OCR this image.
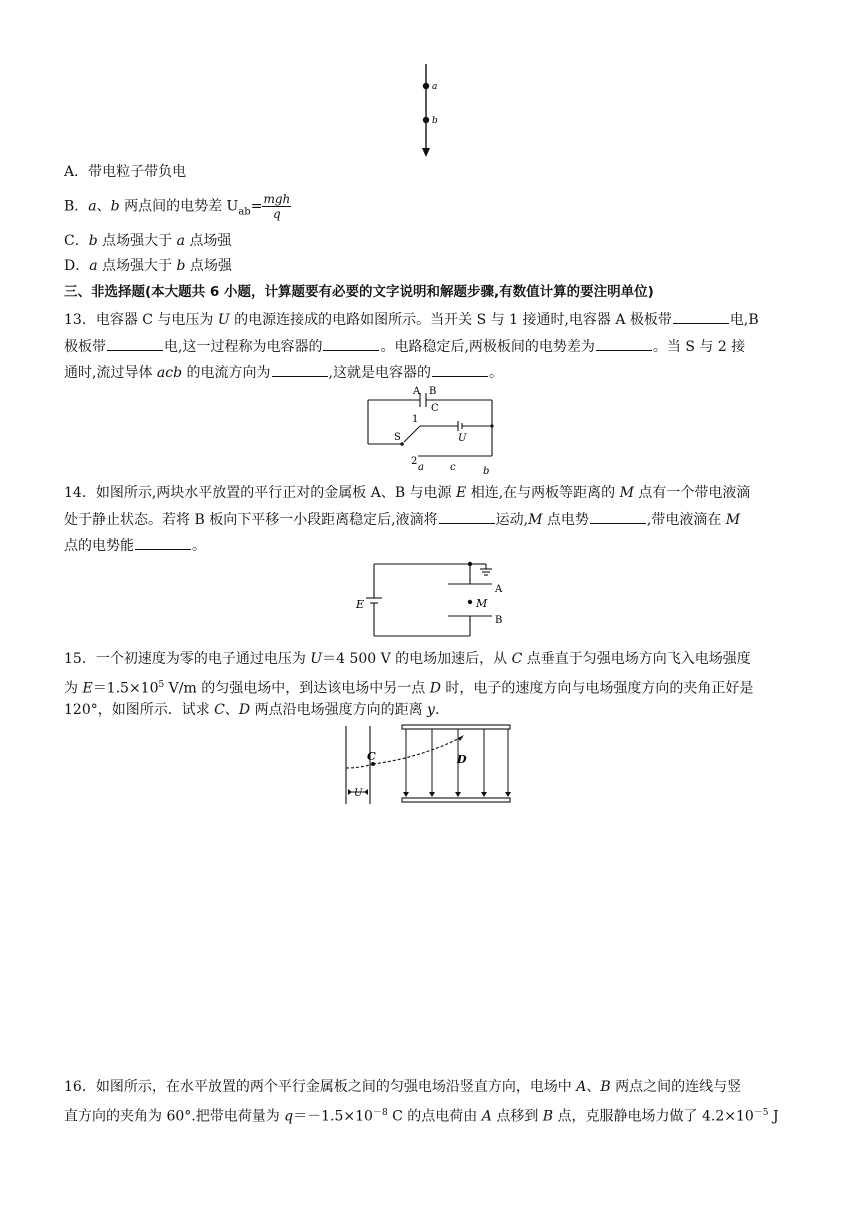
a
b
A．带电粒子带负电
B．a、b 两点间的电势差 $U_{ab}= \frac{\text{mgh}}{q}$
C．b 点场强大于 a 点场强
D．a 点场强大于 b 点场强
三、非选择题(本大题共 6 小题，计算题要有必要的文字说明和解题步骤,有数值计算的要注明单位)
13．电容器 C 与电压为 U 的电源连接成的电路如图所示。当开关 S 与 1 接通时,电容器 A 极板带	电,B
极板带	电,这一过程称为电容器的	。电路稳定后,两极板间的电势差为	。当 S 与 2 接
通时,流过导体 acb 的电流方向为	,这就是电容器的	。
A B
C
1
S	U
2
a	c	b
14．如图所示,两块水平放置的平行正对的金属板 A、B 与电源 E 相连,在与两板等距离的 M 点有一个带电液滴
处于静止状态。若将 B 板向下平移一小段距离稳定后,液滴将	运动,M 点电势	,带电液滴在 M
点的电势能	。
E
A
M
B
15．一个初速度为零的电子通过电压为 U＝4 500 V 的电场加速后，从 C 点垂直于匀强电场方向飞入电场强度
为 $E=1.5\times 10^5$ V/m 的匀强电场中，到达该电场中另一点 D 时，电子的速度方向与电场强度方向的夹角正好是
120°，如图所示．试求 C、D 两点沿电场强度方向的距离 y.
C	D
U
16．如图所示，在水平放置的两个平行金属板之间的匀强电场沿竖直方向，电场中 A、B 两点之间的连线与竖
直方向的夹角为 60°.把带电荷量为 $q=-1.5\times 10^{-8}$ C 的点电荷由 A 点移到 B 点，克服静电场力做了 $4.2\times 10^{-5}$ J
